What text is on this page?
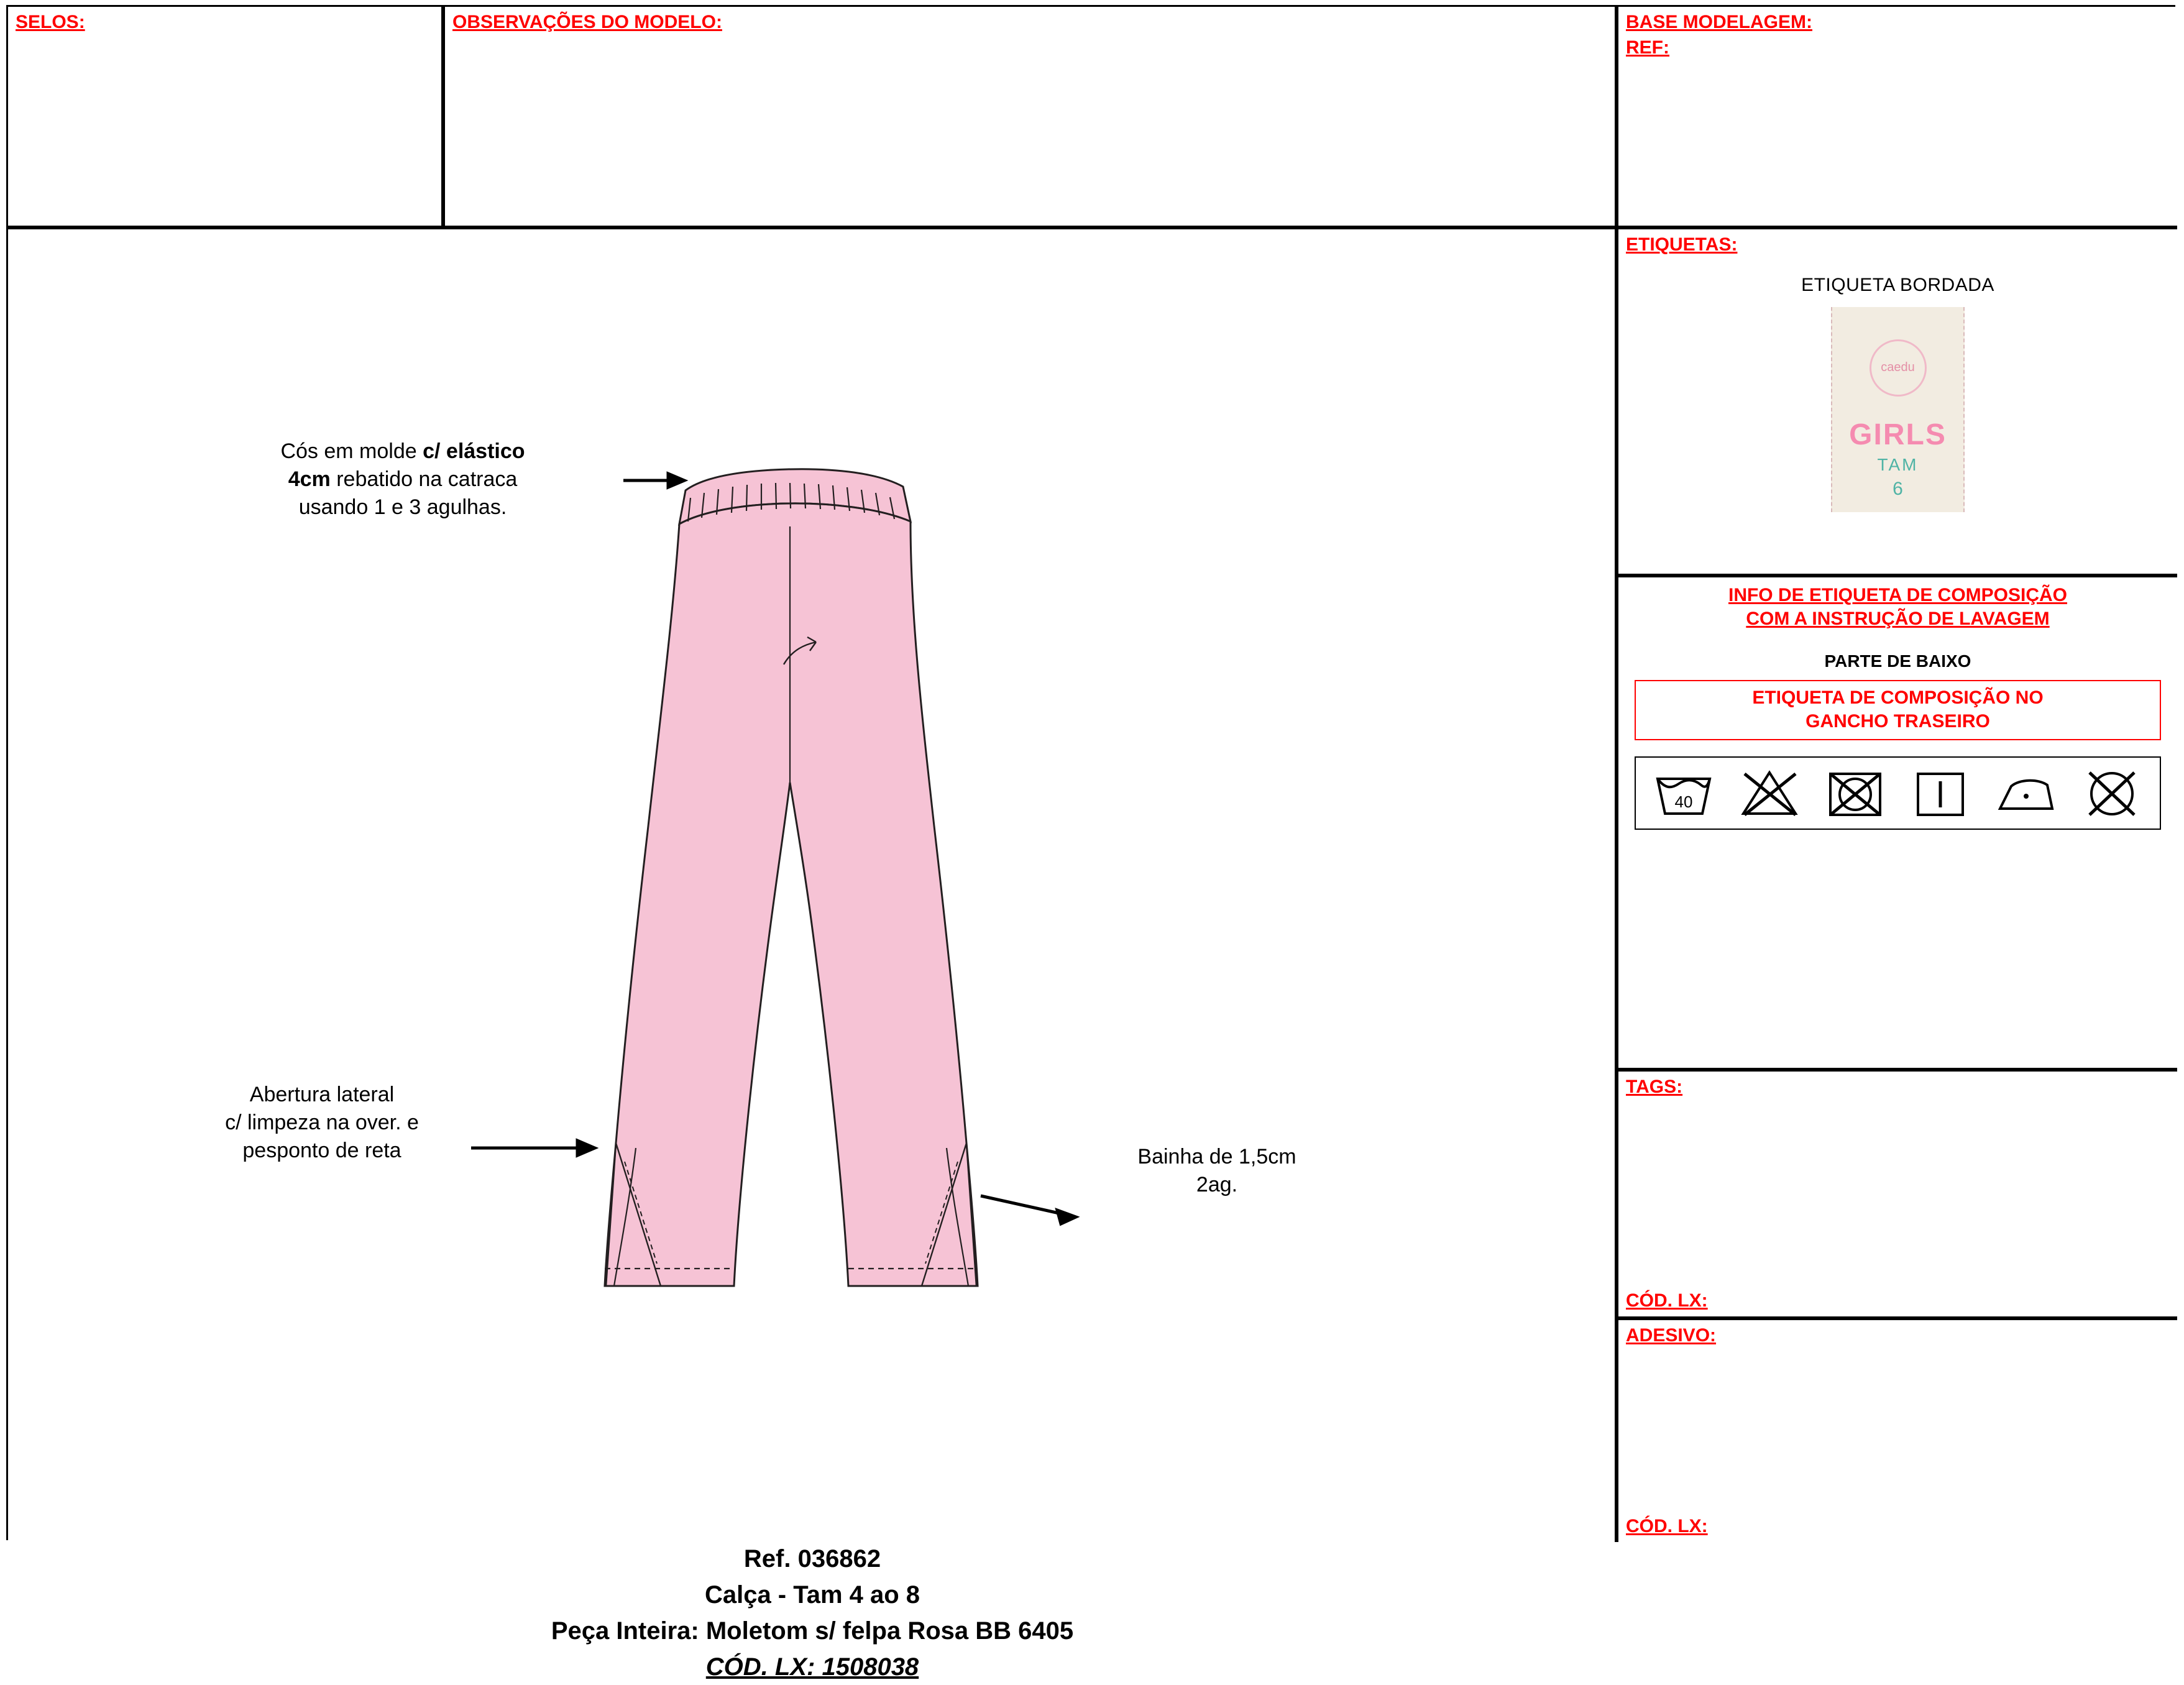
SELOS:	OBSERVAÇÕES DO MODELO:	BASE MODELAGEM:
REF:
Cós em molde c/ elástico
4cm rebatido na catraca
usando 1 e 3 agulhas.
Abertura lateral
c/ limpeza na over. e
pesponto de reta	Bainha de 1,5cm
2ag.
Ref. 036862
Calça - Tam 4 ao 8
Peça Inteira: Moletom s/ felpa Rosa BB 6405
CÓD. LX: 1508038
ETIQUETAS:
ETIQUETA BORDADA
caedu
GIRLS
TAM
6
INFO DE ETIQUETA DE COMPOSIÇÃO
COM A INSTRUÇÃO DE LAVAGEM
PARTE DE BAIXO
ETIQUETA DE COMPOSIÇÃO NO
GANCHO TRASEIRO
40
TAGS:
CÓD. LX:
ADESIVO:
CÓD. LX:
